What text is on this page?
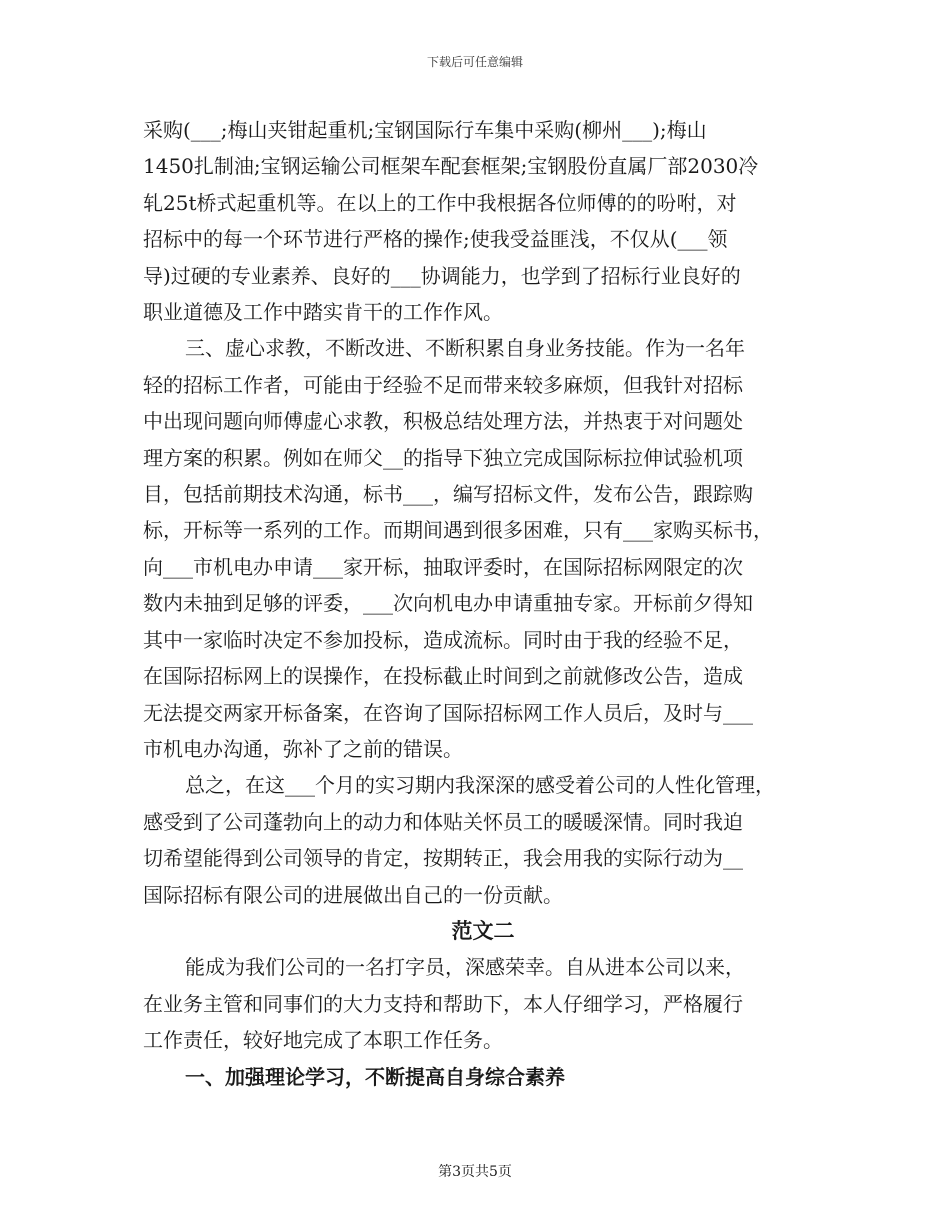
下载后可任意编辑

采购(___;梅山夹钳起重机;宝钢国际行车集中采购(柳州___);梅山
1450扎制油;宝钢运输公司框架车配套框架;宝钢股份直属厂部2030冷
轧25t桥式起重机等。在以上的工作中我根据各位师傅的的吩咐，对
招标中的每一个环节进行严格的操作;使我受益匪浅，不仅从(___领
导)过硬的专业素养、良好的___协调能力，也学到了招标行业良好的
职业道德及工作中踏实肯干的工作作风。

三、虚心求教，不断改进、不断积累自身业务技能。作为一名年
轻的招标工作者，可能由于经验不足而带来较多麻烦，但我针对招标
中出现问题向师傅虚心求教，积极总结处理方法，并热衷于对问题处
理方案的积累。例如在师父__的指导下独立完成国际标拉伸试验机项
目，包括前期技术沟通，标书___，编写招标文件，发布公告，跟踪购
标，开标等一系列的工作。而期间遇到很多困难，只有___家购买标书，
向___市机电办申请___家开标，抽取评委时，在国际招标网限定的次
数内未抽到足够的评委，___次向机电办申请重抽专家。开标前夕得知
其中一家临时决定不参加投标，造成流标。同时由于我的经验不足，
在国际招标网上的误操作，在投标截止时间到之前就修改公告，造成
无法提交两家开标备案，在咨询了国际招标网工作人员后，及时与___
市机电办沟通，弥补了之前的错误。

总之，在这___个月的实习期内我深深的感受着公司的人性化管理，
感受到了公司蓬勃向上的动力和体贴关怀员工的暖暖深情。同时我迫
切希望能得到公司领导的肯定，按期转正，我会用我的实际行动为__
国际招标有限公司的进展做出自己的一份贡献。

范文二

能成为我们公司的一名打字员，深感荣幸。自从进本公司以来，
在业务主管和同事们的大力支持和帮助下，本人仔细学习，严格履行
工作责任，较好地完成了本职工作任务。

一、加强理论学习，不断提高自身综合素养
第3页共5页
